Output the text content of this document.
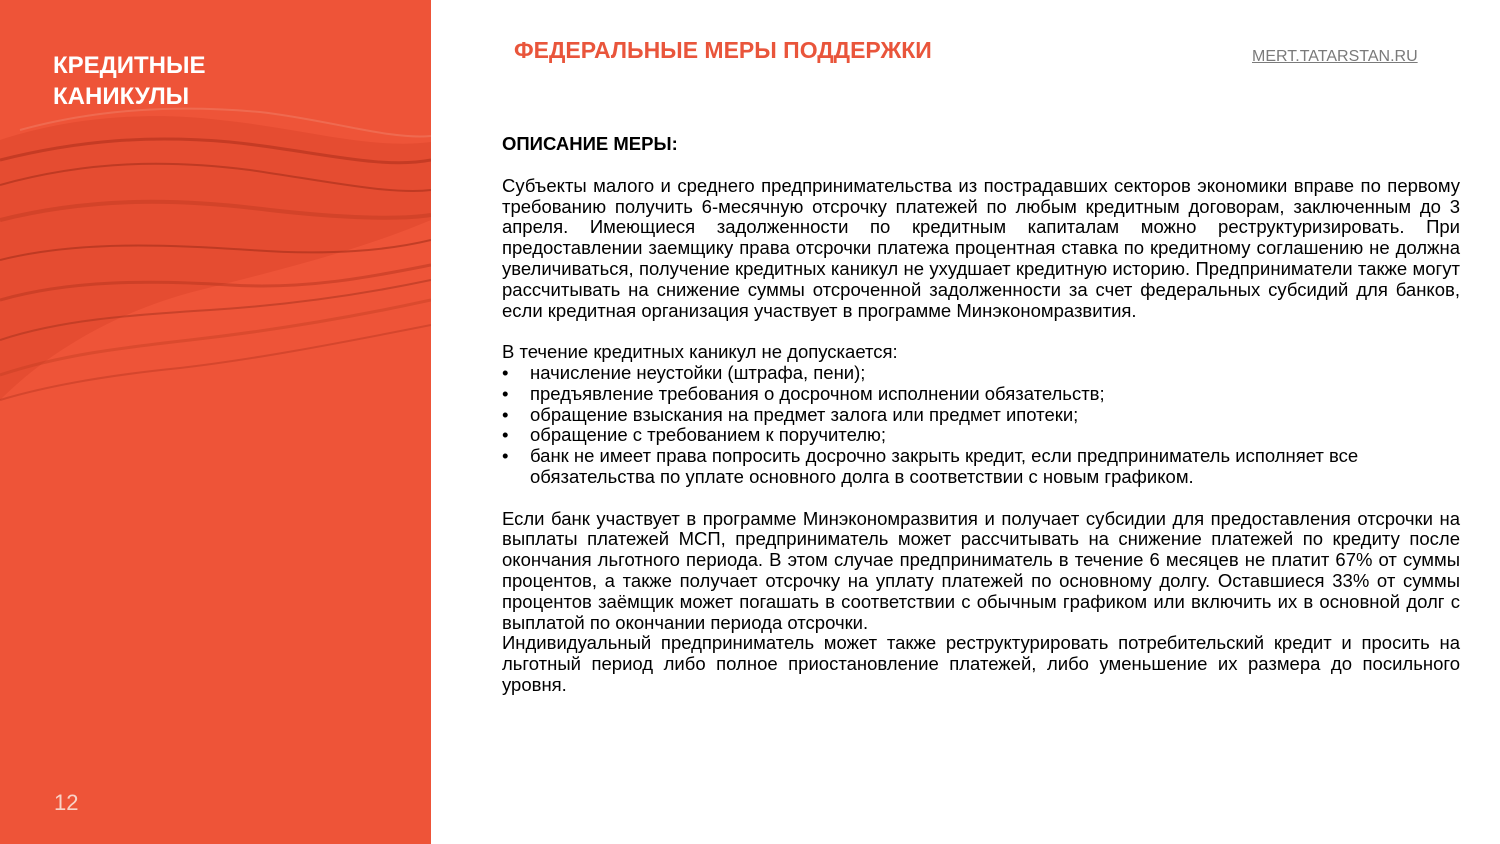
КРЕДИТНЫЕ
КАНИКУЛЫ
12
ФЕДЕРАЛЬНЫЕ МЕРЫ ПОДДЕРЖКИ	MERT.TATARSTAN.RU
ОПИСАНИЕ МЕРЫ:

Субъекты малого и среднего предпринимательства из пострадавших секторов экономики вправе по первому требованию получить 6-месячную отсрочку платежей по любым кредитным договорам, заключенным до 3 апреля. Имеющиеся задолженности по кредитным капиталам можно реструктуризировать. При предоставлении заемщику права отсрочки платежа процентная ставка по кредитному соглашению не должна увеличиваться, получение кредитных каникул не ухудшает кредитную историю. Предприниматели также могут рассчитывать на снижение суммы отсроченной задолженности за счет федеральных субсидий для банков, если кредитная организация участвует в программе Минэкономразвития.

В течение кредитных каникул не допускается:

•	начисление неустойки (штрафа, пени);
•	предъявление требования о досрочном исполнении обязательств;
•	обращение взыскания на предмет залога или предмет ипотеки;
•	обращение с требованием к поручителю;
•	банк не имеет права попросить досрочно закрыть кредит, если предприниматель исполняет все обязательства по уплате основного долга в соответствии с новым графиком.

Если банк участвует в программе Минэкономразвития и получает субсидии для предоставления отсрочки на выплаты платежей МСП, предприниматель может рассчитывать на снижение платежей по кредиту после окончания льготного периода. В этом случае предприниматель в течение 6 месяцев не платит 67% от суммы процентов, а также получает отсрочку на уплату платежей по основному долгу. Оставшиеся 33% от суммы процентов заёмщик может погашать в соответствии с обычным графиком или включить их в основной долг с выплатой по окончании периода отсрочки.

Индивидуальный предприниматель может также реструктурировать потребительский кредит и просить на льготный период либо полное приостановление платежей, либо уменьшение их размера до посильного уровня.
